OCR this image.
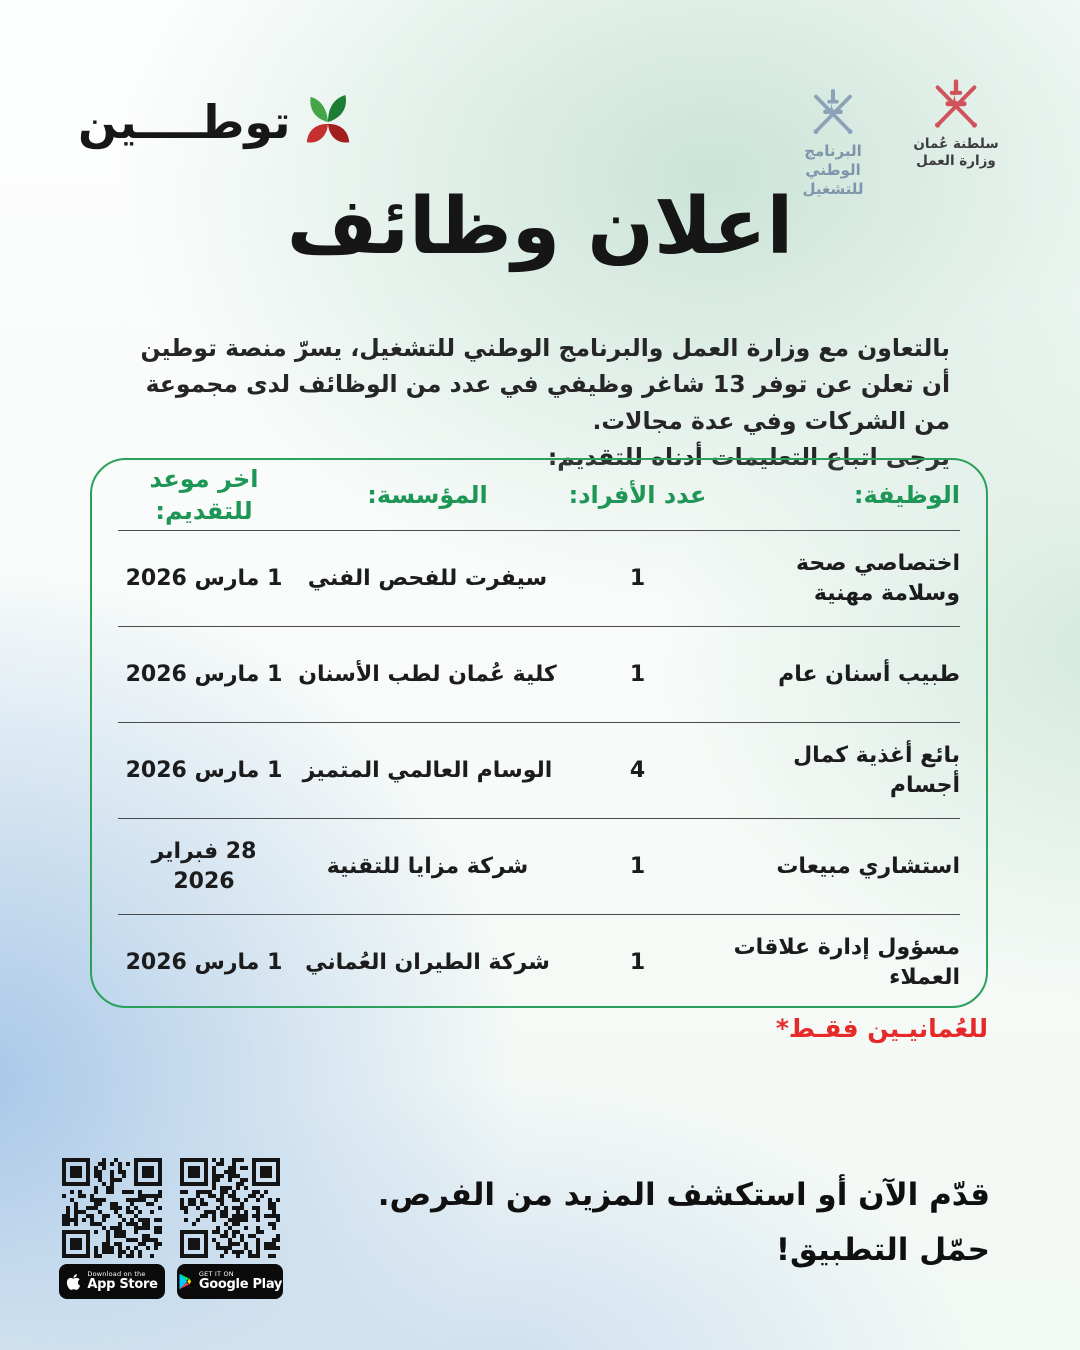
توطــــين
البرنامج الوطني
للتشغيل
سلطنة عُمان
وزارة العمل
اعلان وظائف
بالتعاون مع وزارة العمل والبرنامج الوطني للتشغيل، يسرّ منصة توطين أن تعلن عن توفر 13 شاغر وظيفي في عدد من الوظائف لدى مجموعة من الشركات وفي عدة مجالات.
يرجى اتباع التعليمات أدناه للتقديم:
الوظيفة:
عدد الأفراد:
المؤسسة:
اخر موعد للتقديم:
اختصاصي صحة وسلامة مهنية
1
سيفرت للفحص الفني
1 مارس 2026
طبيب أسنان عام
1
كلية عُمان لطب الأسنان
1 مارس 2026
بائع أغذية كمال أجسام
4
الوسام العالمي المتميز
1 مارس 2026
استشاري مبيعات
1
شركة مزايا للتقنية
28 فبراير 2026
مسؤول إدارة علاقات العملاء
1
شركة الطيران العُماني
1 مارس 2026
للعُمانيـين فقـط*
قدّم الآن أو استكشف المزيد من الفرص.
حمّل التطبيق!
Download on the
App Store
GET IT ON
Google Play
